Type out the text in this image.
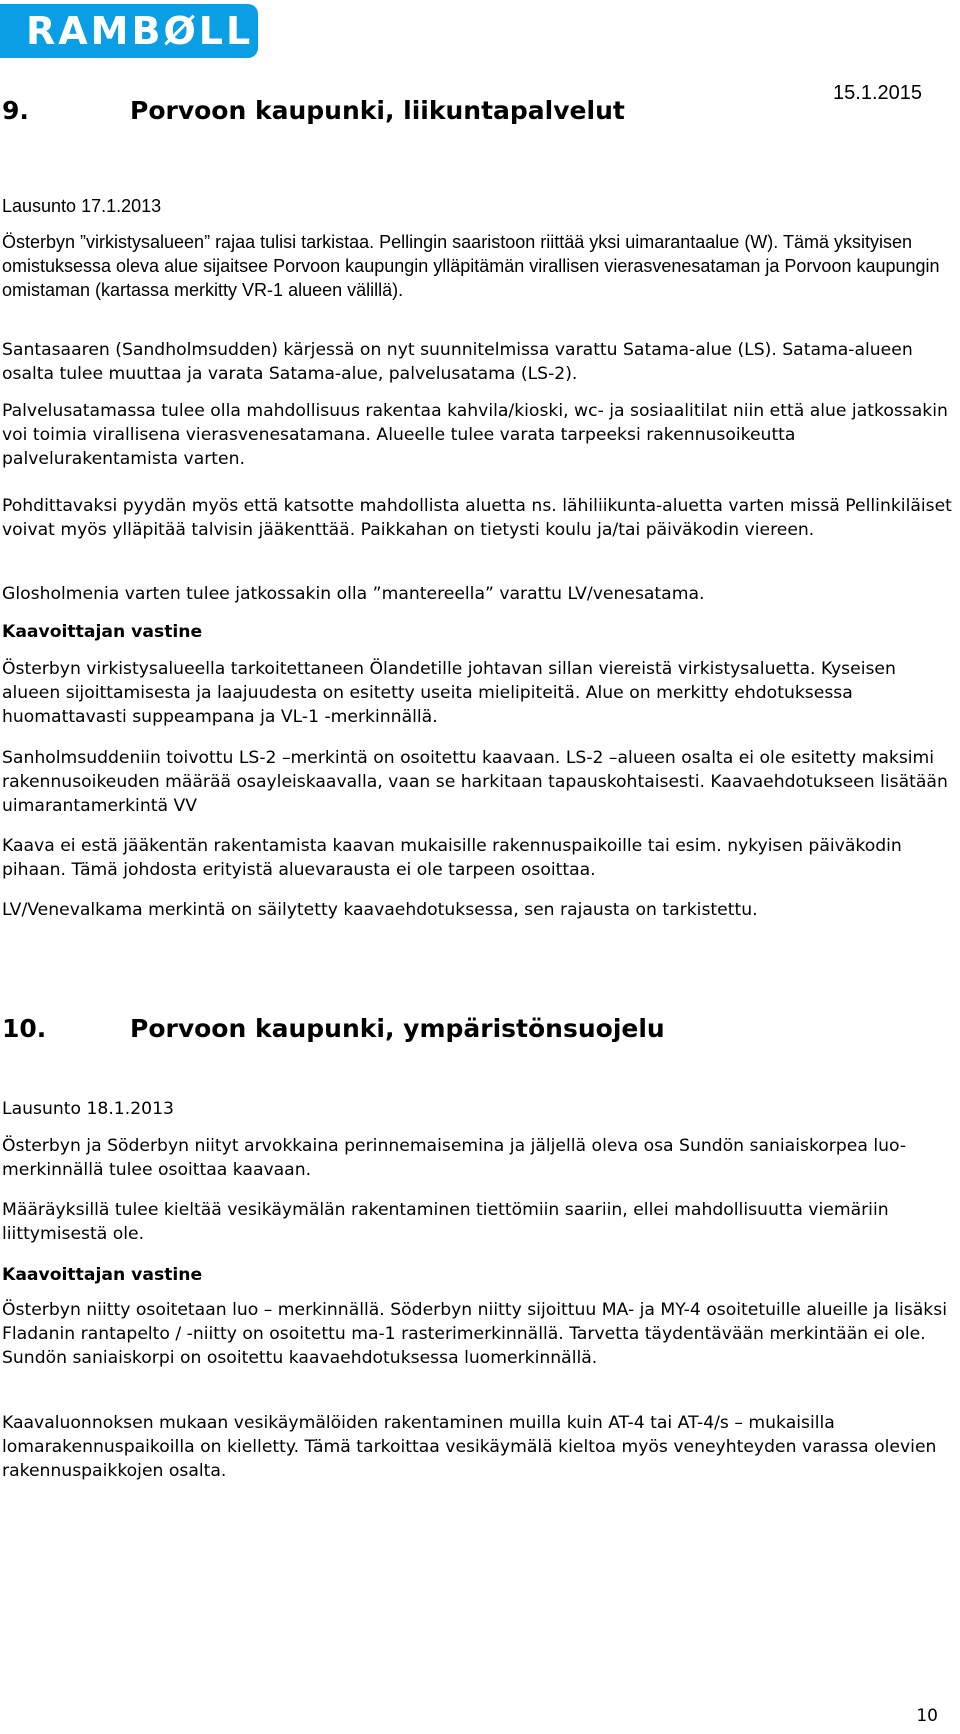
RAMBØLL
15.1.2015
9.	Porvoon kaupunki, liikuntapalvelut

Lausunto 17.1.2013

Österbyn ”virkistysalueen” rajaa tulisi tarkistaa. Pellingin saaristoon riittää yksi uimarantaalue (W). Tämä yksityisen omistuksessa oleva alue sijaitsee Porvoon kaupungin ylläpitämän virallisen vierasvenesataman ja Porvoon kaupungin omistaman (kartassa merkitty VR-1 alueen välillä).

Santasaaren (Sandholmsudden) kärjessä on nyt suunnitelmissa varattu Satama-alue (LS). Satama-alueen osalta tulee muuttaa ja varata Satama-alue, palvelusatama (LS-2).

Palvelusatamassa tulee olla mahdollisuus rakentaa kahvila/kioski, wc- ja sosiaalitilat niin että alue jatkossakin voi toimia virallisena vierasvenesatamana. Alueelle tulee varata tarpeeksi rakennusoikeutta palvelurakentamista varten.

Pohdittavaksi pyydän myös että katsotte mahdollista aluetta ns. lähiliikunta-aluetta varten missä Pellinkiläiset voivat myös ylläpitää talvisin jääkenttää. Paikkahan on tietysti koulu ja/tai päiväkodin viereen.

Glosholmenia varten tulee jatkossakin olla ”mantereella” varattu LV/venesatama.

Kaavoittajan vastine

Österbyn virkistysalueella tarkoitettaneen Ölandetille johtavan sillan viereistä virkistysaluetta. Kyseisen alueen sijoittamisesta ja laajuudesta on esitetty useita mielipiteitä. Alue on merkitty ehdotuksessa huomattavasti suppeampana ja VL-1 -merkinnällä.

Sanholmsuddeniin toivottu LS-2 –merkintä on osoitettu kaavaan. LS-2 –alueen osalta ei ole esitetty maksimi rakennusoikeuden määrää osayleiskaavalla, vaan se harkitaan tapauskohtaisesti. Kaavaehdotukseen lisätään uimarantamerkintä VV

Kaava ei estä jääkentän rakentamista kaavan mukaisille rakennuspaikoille tai esim. nykyisen päiväkodin pihaan. Tämä johdosta erityistä aluevarausta ei ole tarpeen osoittaa.

LV/Venevalkama merkintä on säilytetty kaavaehdotuksessa, sen rajausta on tarkistettu.

10.	Porvoon kaupunki, ympäristönsuojelu

Lausunto 18.1.2013

Österbyn ja Söderbyn niityt arvokkaina perinnemaisemina ja jäljellä oleva osa Sundön saniaiskorpea luo-merkinnällä tulee osoittaa kaavaan.

Määräyksillä tulee kieltää vesikäymälän rakentaminen tiettömiin saariin, ellei mahdollisuutta viemäriin liittymisestä ole.

Kaavoittajan vastine

Österbyn niitty osoitetaan luo – merkinnällä. Söderbyn niitty sijoittuu MA- ja MY-4 osoitetuille alueille ja lisäksi Fladanin rantapelto / -niitty on osoitettu ma-1 rasterimerkinnällä. Tarvetta täydentävään merkintään ei ole. Sundön saniaiskorpi on osoitettu kaavaehdotuksessa luomerkinnällä.

Kaavaluonnoksen mukaan vesikäymälöiden rakentaminen muilla kuin AT-4 tai AT-4/s – mukaisilla lomarakennuspaikoilla on kielletty. Tämä tarkoittaa vesikäymälä kieltoa myös veneyhteyden varassa olevien rakennuspaikkojen osalta.

10
